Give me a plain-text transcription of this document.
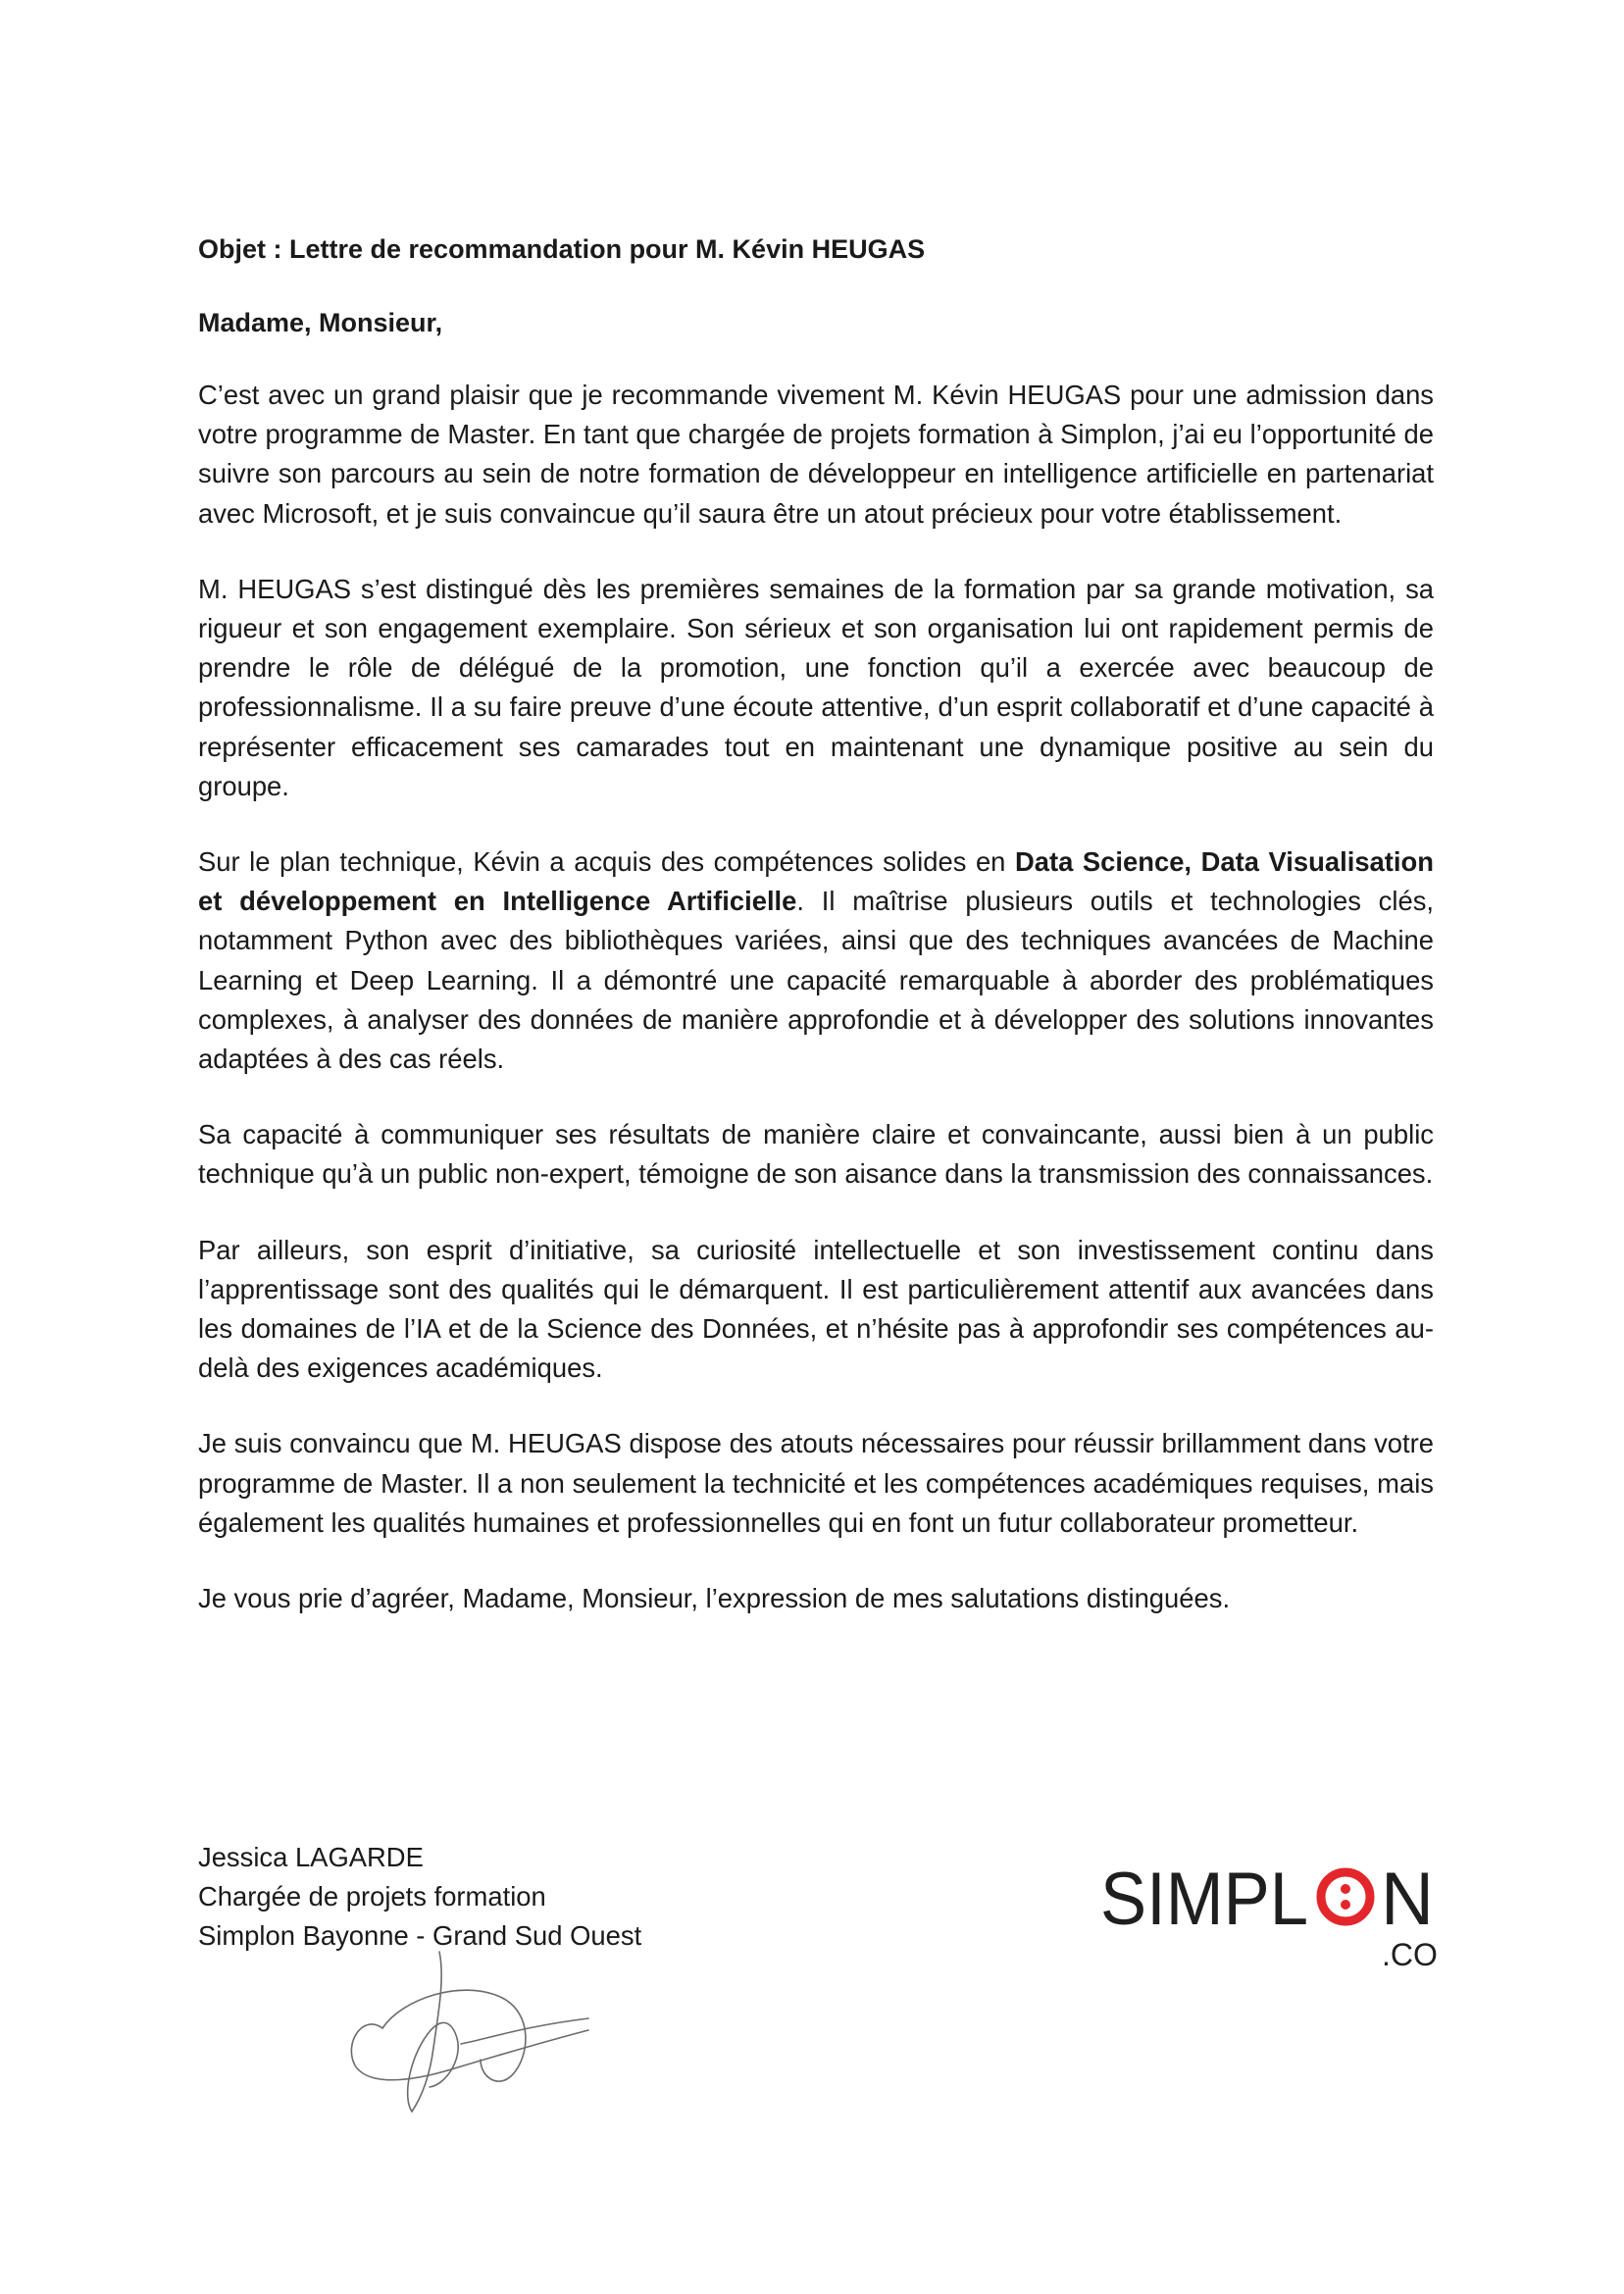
Objet : Lettre de recommandation pour M. Kévin HEUGAS
Madame, Monsieur,

C’est avec un grand plaisir que je recommande vivement M. Kévin HEUGAS pour une admission dans votre programme de Master. En tant que chargée de projets formation à Simplon, j’ai eu l’opportunité de suivre son parcours au sein de notre formation de développeur en intelligence artificielle en partenariat avec Microsoft, et je suis convaincue qu’il saura être un atout précieux pour votre établissement.

M. HEUGAS s’est distingué dès les premières semaines de la formation par sa grande motivation, sa rigueur et son engagement exemplaire. Son sérieux et son organisation lui ont rapidement permis de prendre le rôle de délégué de la promotion, une fonction qu’il a exercée avec beaucoup de professionnalisme. Il a su faire preuve d’une écoute attentive, d’un esprit collaboratif et d’une capacité à représenter efficacement ses camarades tout en maintenant une dynamique positive au sein du groupe.

Sur le plan technique, Kévin a acquis des compétences solides en Data Science, Data Visualisation et développement en Intelligence Artificielle. Il maîtrise plusieurs outils et technologies clés, notamment Python avec des bibliothèques variées, ainsi que des techniques avancées de Machine Learning et Deep Learning. Il a démontré une capacité remarquable à aborder des problématiques complexes, à analyser des données de manière approfondie et à développer des solutions innovantes adaptées à des cas réels.

Sa capacité à communiquer ses résultats de manière claire et convaincante, aussi bien à un public technique qu’à un public non-expert, témoigne de son aisance dans la transmission des connaissances.

Par ailleurs, son esprit d’initiative, sa curiosité intellectuelle et son investissement continu dans l’apprentissage sont des qualités qui le démarquent. Il est particulièrement attentif aux avancées dans les domaines de l’IA et de la Science des Données, et n’hésite pas à approfondir ses compétences au-delà des exigences académiques.

Je suis convaincu que M. HEUGAS dispose des atouts nécessaires pour réussir brillamment dans votre programme de Master. Il a non seulement la technicité et les compétences académiques requises, mais également les qualités humaines et professionnelles qui en font un futur collaborateur prometteur.

Je vous prie d’agréer, Madame, Monsieur, l’expression de mes salutations distinguées.

Jessica LAGARDE
Chargée de projets formation
Simplon Bayonne - Grand Sud Ouest	SIMPL N
.CO
